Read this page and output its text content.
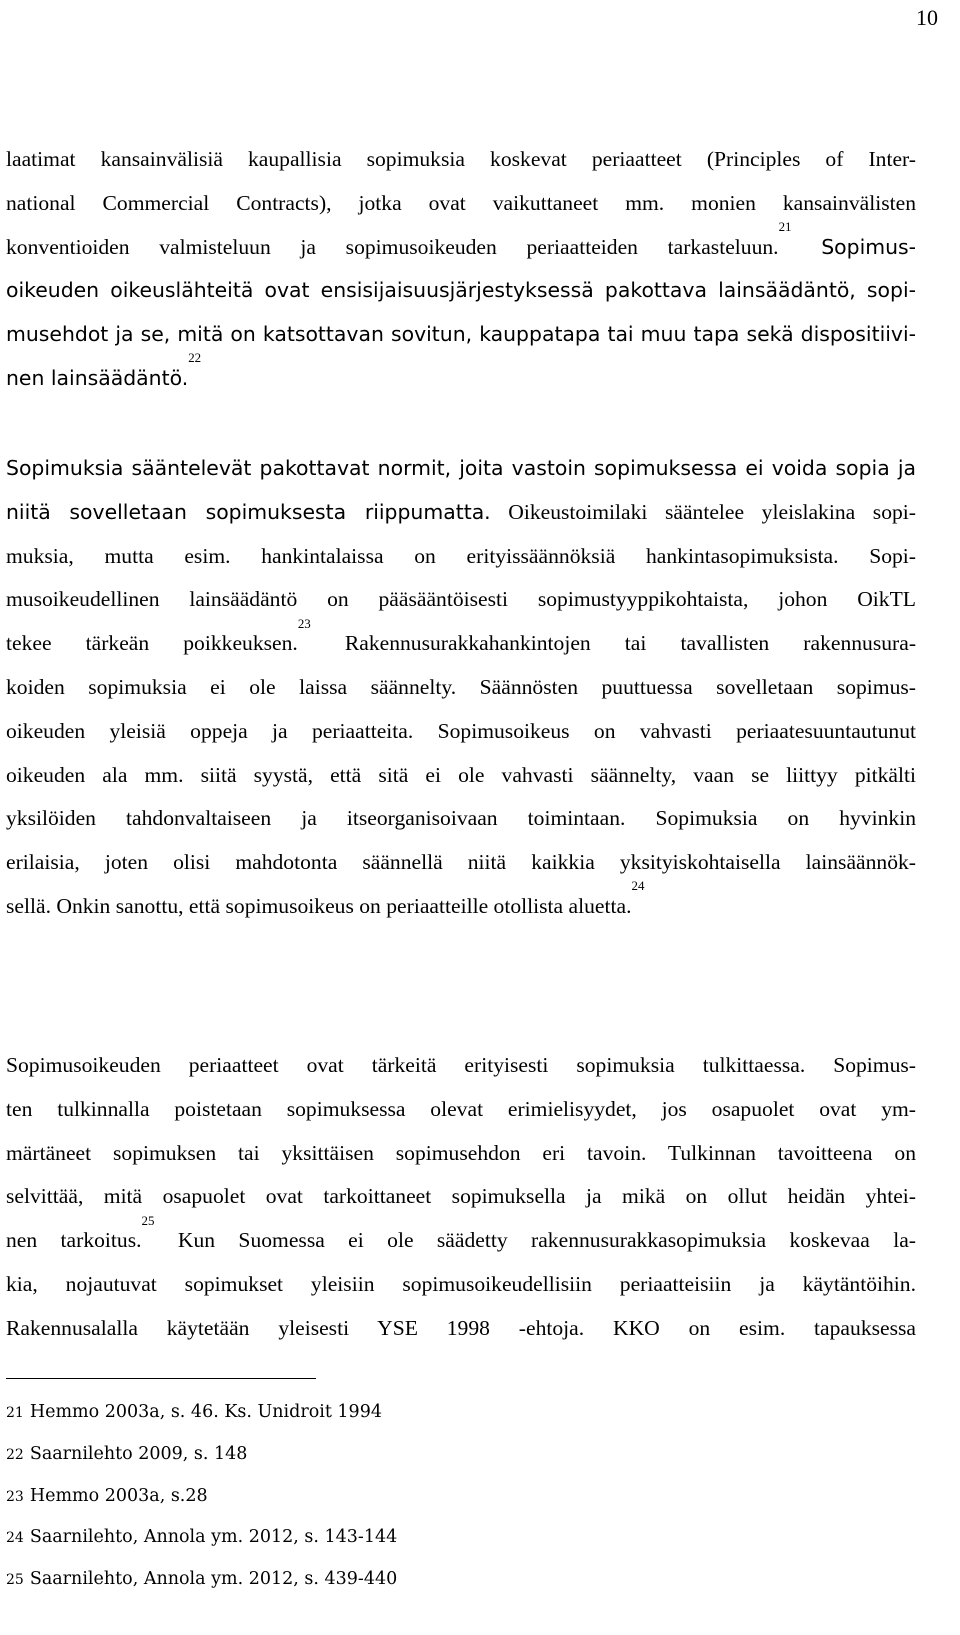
10
laatimat kansainvälisiä kaupallisia sopimuksia koskevat periaatteet (Principles of Inter-
national Commercial Contracts), jotka ovat vaikuttaneet mm. monien kansainvälisten
konventioiden valmisteluun ja sopimusoikeuden periaatteiden tarkasteluun.$^{21}$ Sopimus-
oikeuden oikeuslähteitä ovat ensisijaisuusjärjestyksessä pakottava lainsäädäntö, sopi-
musehdot ja se, mitä on katsottavan sovitun, kauppatapa tai muu tapa sekä dispositiivi-
nen lainsäädäntö.$^{22}$
Sopimuksia sääntelevät pakottavat normit, joita vastoin sopimuksessa ei voida sopia ja
niitä sovelletaan sopimuksesta riippumatta. Oikeustoimilaki sääntelee yleislakina sopi-
muksia, mutta esim. hankintalaissa on erityissäännöksiä hankintasopimuksista. Sopi-
musoikeudellinen lainsäädäntö on pääsääntöisesti sopimustyyppikohtaista, johon OikTL
tekee tärkeän poikkeuksen.$^{23}$ Rakennusurakkahankintojen tai tavallisten rakennusura-
koiden sopimuksia ei ole laissa säännelty. Säännösten puuttuessa sovelletaan sopimus-
oikeuden yleisiä oppeja ja periaatteita. Sopimusoikeus on vahvasti periaatesuuntautunut
oikeuden ala mm. siitä syystä, että sitä ei ole vahvasti säännelty, vaan se liittyy pitkälti
yksilöiden tahdonvaltaiseen ja itseorganisoivaan toimintaan. Sopimuksia on hyvinkin
erilaisia, joten olisi mahdotonta säännellä niitä kaikkia yksityiskohtaisella lainsäännök-
sellä. Onkin sanottu, että sopimusoikeus on periaatteille otollista aluetta.$^{24}$
Sopimusoikeuden periaatteet ovat tärkeitä erityisesti sopimuksia tulkittaessa. Sopimus-
ten tulkinnalla poistetaan sopimuksessa olevat erimielisyydet, jos osapuolet ovat ym-
märtäneet sopimuksen tai yksittäisen sopimusehdon eri tavoin. Tulkinnan tavoitteena on
selvittää, mitä osapuolet ovat tarkoittaneet sopimuksella ja mikä on ollut heidän yhtei-
nen tarkoitus.$^{25}$ Kun Suomessa ei ole säädetty rakennusurakkasopimuksia koskevaa la-
kia, nojautuvat sopimukset yleisiin sopimusoikeudellisiin periaatteisiin ja käytäntöihin.
Rakennusalalla käytetään yleisesti YSE 1998 -ehtoja. KKO on esim. tapauksessa
21 Hemmo 2003a, s. 46. Ks. Unidroit 1994
22 Saarnilehto 2009, s. 148
23 Hemmo 2003a, s.28
24 Saarnilehto, Annola ym. 2012, s. 143-144
25 Saarnilehto, Annola ym. 2012, s. 439-440
